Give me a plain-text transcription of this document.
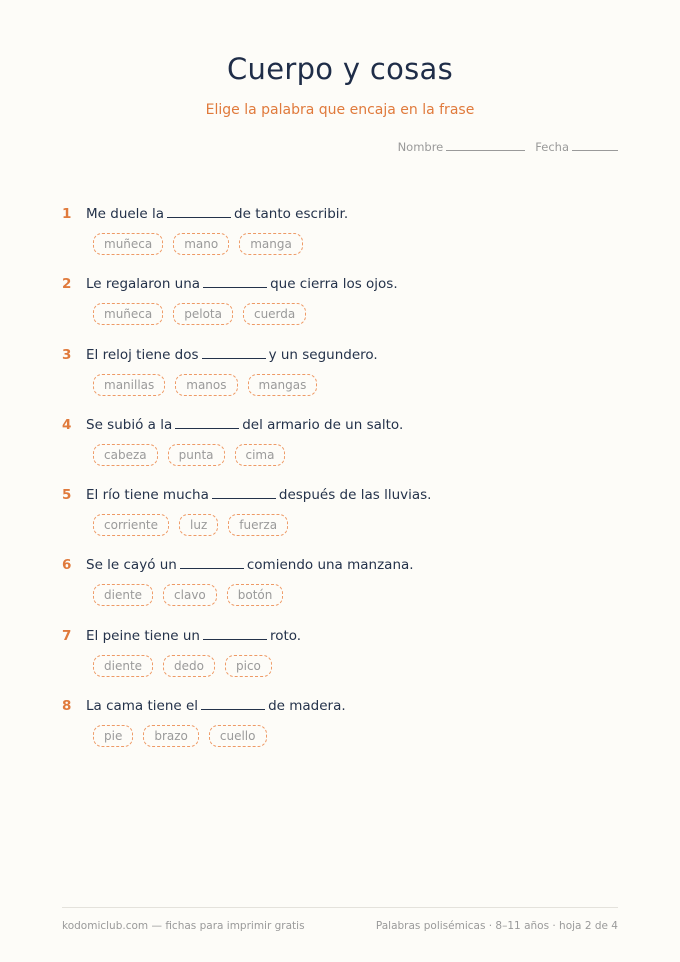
Cuerpo y cosas
Elige la palabra que encaja en la frase
Nombre	Fecha
1	Me duele la	de tanto escribir.
muñeca	mano	manga
2	Le regalaron una	que cierra los ojos.
muñeca	pelota	cuerda
3	El reloj tiene dos	y un segundero.
manillas	manos	mangas
4	Se subió a la	del armario de un salto.
cabeza	punta	cima
5	El río tiene mucha	después de las lluvias.
corriente	luz	fuerza
6	Se le cayó un	comiendo una manzana.
diente	clavo	botón
7	El peine tiene un	roto.
diente	dedo	pico
8	La cama tiene el	de madera.
pie	brazo	cuello
kodomiclub.com — fichas para imprimir gratis	Palabras polisémicas · 8–11 años · hoja 2 de 4
